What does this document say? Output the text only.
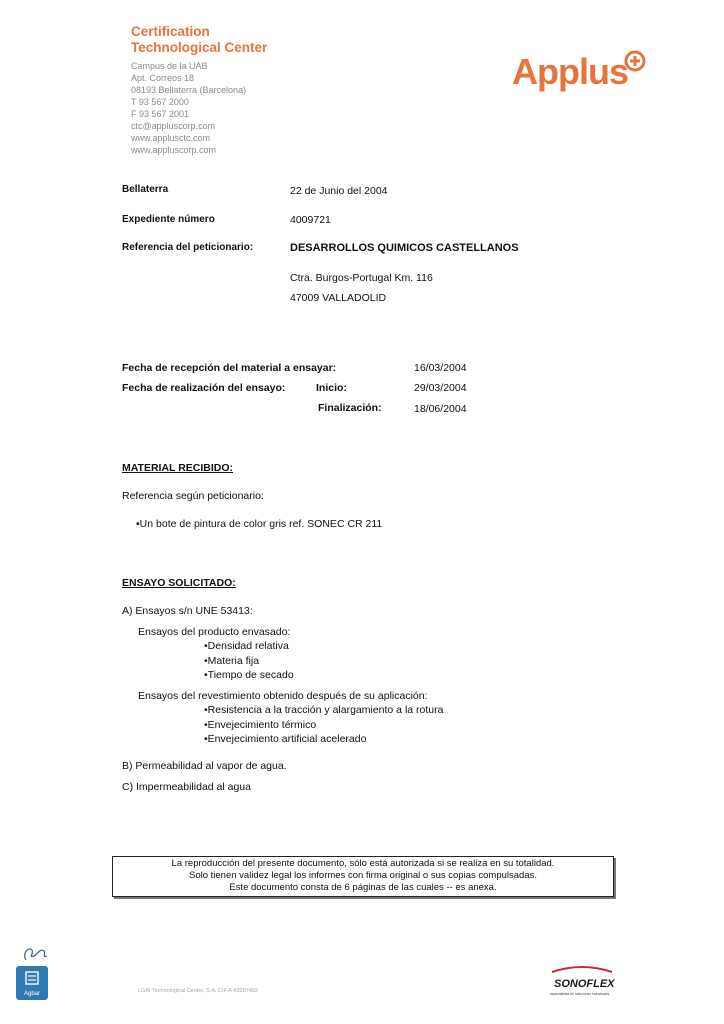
Certification
Technological Center
Campus de la UAB
Apt. Correos 18
08193 Bellaterra (Barcelona)
T 93 567 2000
F 93 567 2001
ctc@appluscorp.com
www.applusctc.com
www.appluscorp.com
Applus
Bellaterra	22 de Junio del 2004
Expediente número	4009721
Referencia del peticionario:	DESARROLLOS QUIMICOS CASTELLANOS
Ctra. Burgos-Portugal Km. 116
47009 VALLADOLID
Fecha de recepción del material a ensayar:	16/03/2004
Fecha de realización del ensayo:	Inicio:	29/03/2004
Finalización:	18/06/2004
MATERIAL RECIBIDO:
Referencia según peticionario:
•Un bote de pintura de color gris ref. SONEC CR 211
ENSAYO SOLICITADO:
A) Ensayos s/n UNE 53413:
Ensayos del producto envasado:
•Densidad relativa
•Materia fija
•Tiempo de secado
Ensayos del revestimiento obtenido después de su aplicación:
•Resistencia a la tracción y alargamiento a la rotura
•Envejecimiento térmico
•Envejecimiento artificial acelerado
B) Permeabilidad al vapor de agua.
C) Impermeabilidad al agua
La reproducción del presente documento, sólo está autorizada si se realiza en su totalidad.
Solo tienen validez legal los informes con firma original o sus copias compulsadas.
Este documento consta de 6 páginas de las cuales -- es anexa.
Agbar	LGAI Technological Center, S.A. CIF A-63207492
SONOFLEX
especialistas en soluciones industriales
